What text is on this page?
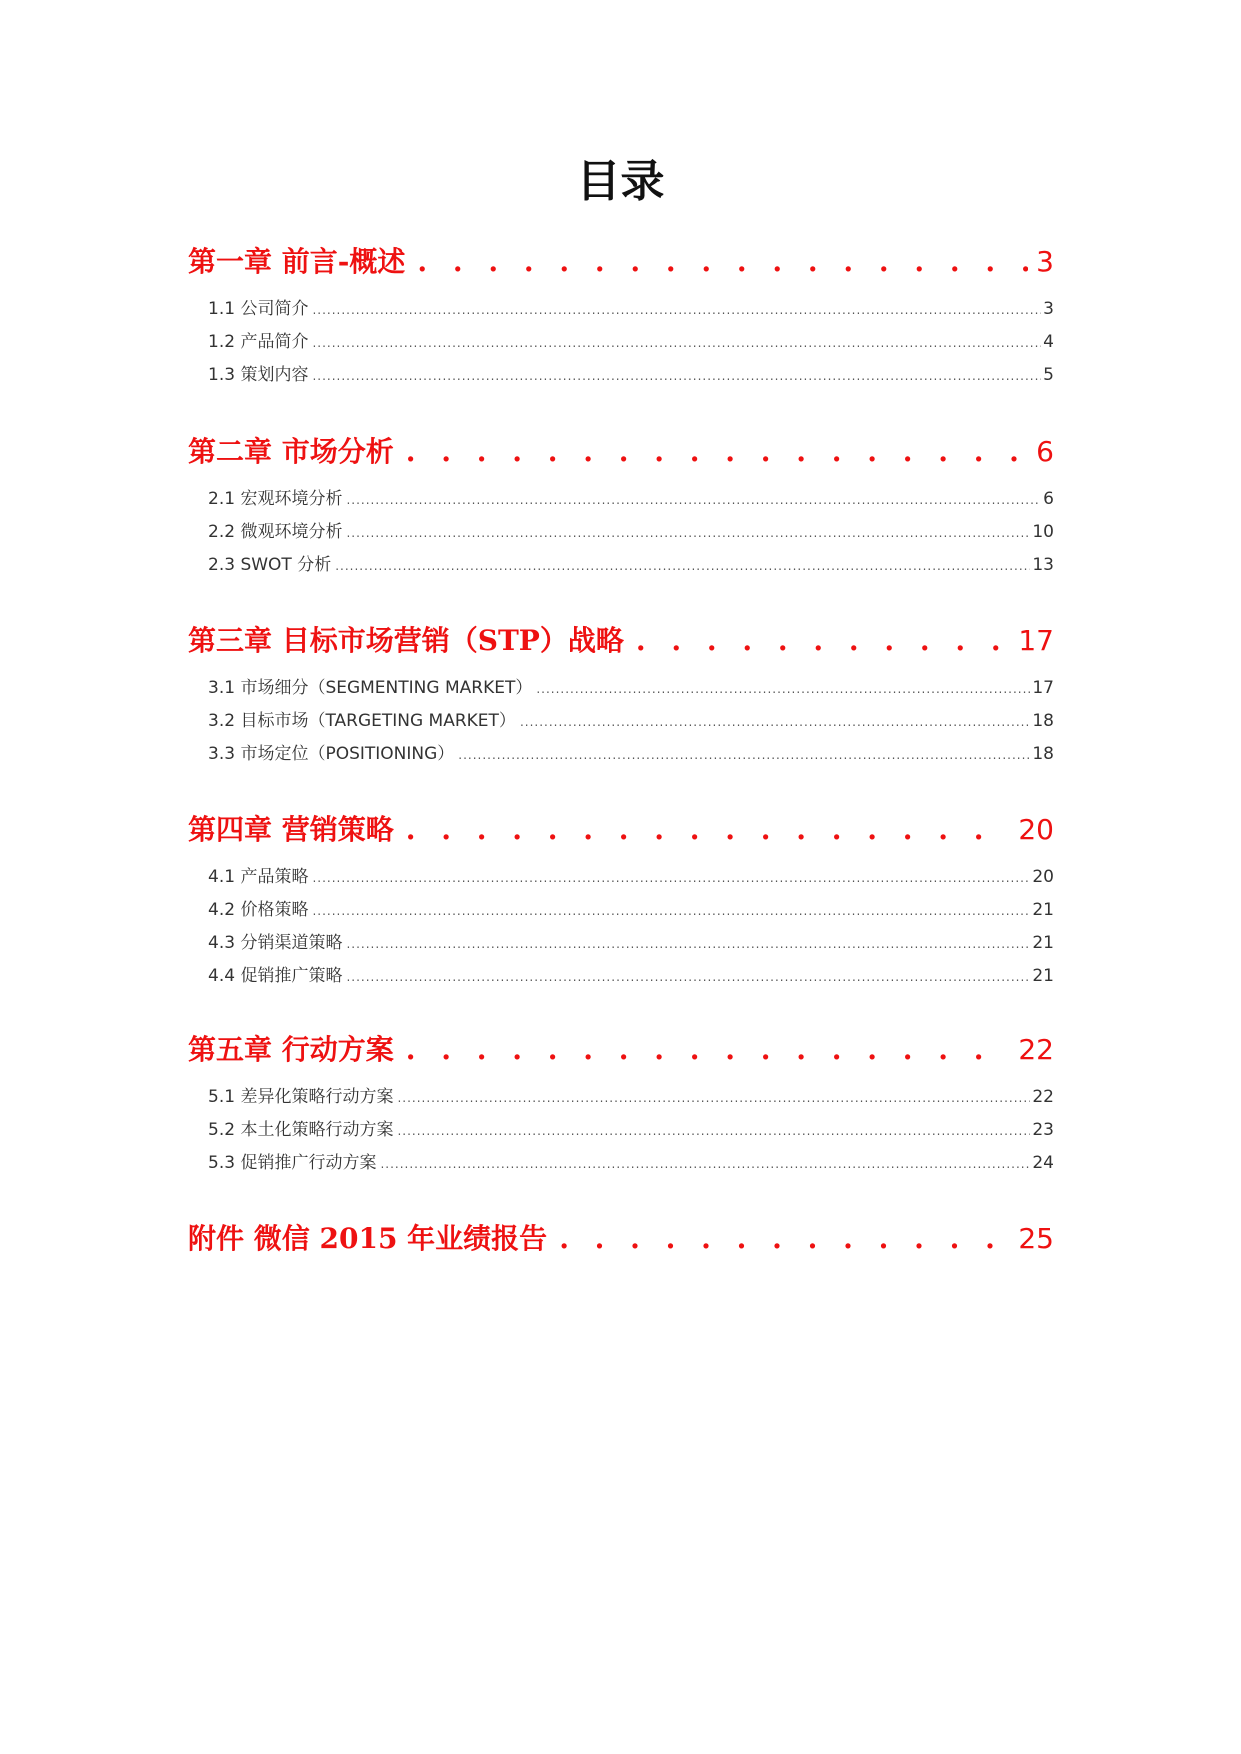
目录
第一章 前言-概述 . . .	3
1.1 公司简介 .....	3
1.2 产品简介 .....	4
1.3 策划内容 .....	5
第二章 市场分析 . . .	6
2.1 宏观环境分析 .....	6
2.2 微观环境分析 .....	10
2.3 SWOT 分析 .....	13
第三章 目标市场营销（STP）战略 . . .	17
3.1 市场细分（SEGMENTING MARKET） .....	17
3.2 目标市场（TARGETING MARKET） .....	18
3.3 市场定位（POSITIONING） .....	18
第四章 营销策略 . . .	20
4.1 产品策略 .....	20
4.2 价格策略 .....	21
4.3 分销渠道策略 .....	21
4.4 促销推广策略 .....	21
第五章 行动方案 . . .	22
5.1 差异化策略行动方案 .....	22
5.2 本土化策略行动方案 .....	23
5.3 促销推广行动方案 .....	24
附件 微信 2015 年业绩报告 . . .	25
